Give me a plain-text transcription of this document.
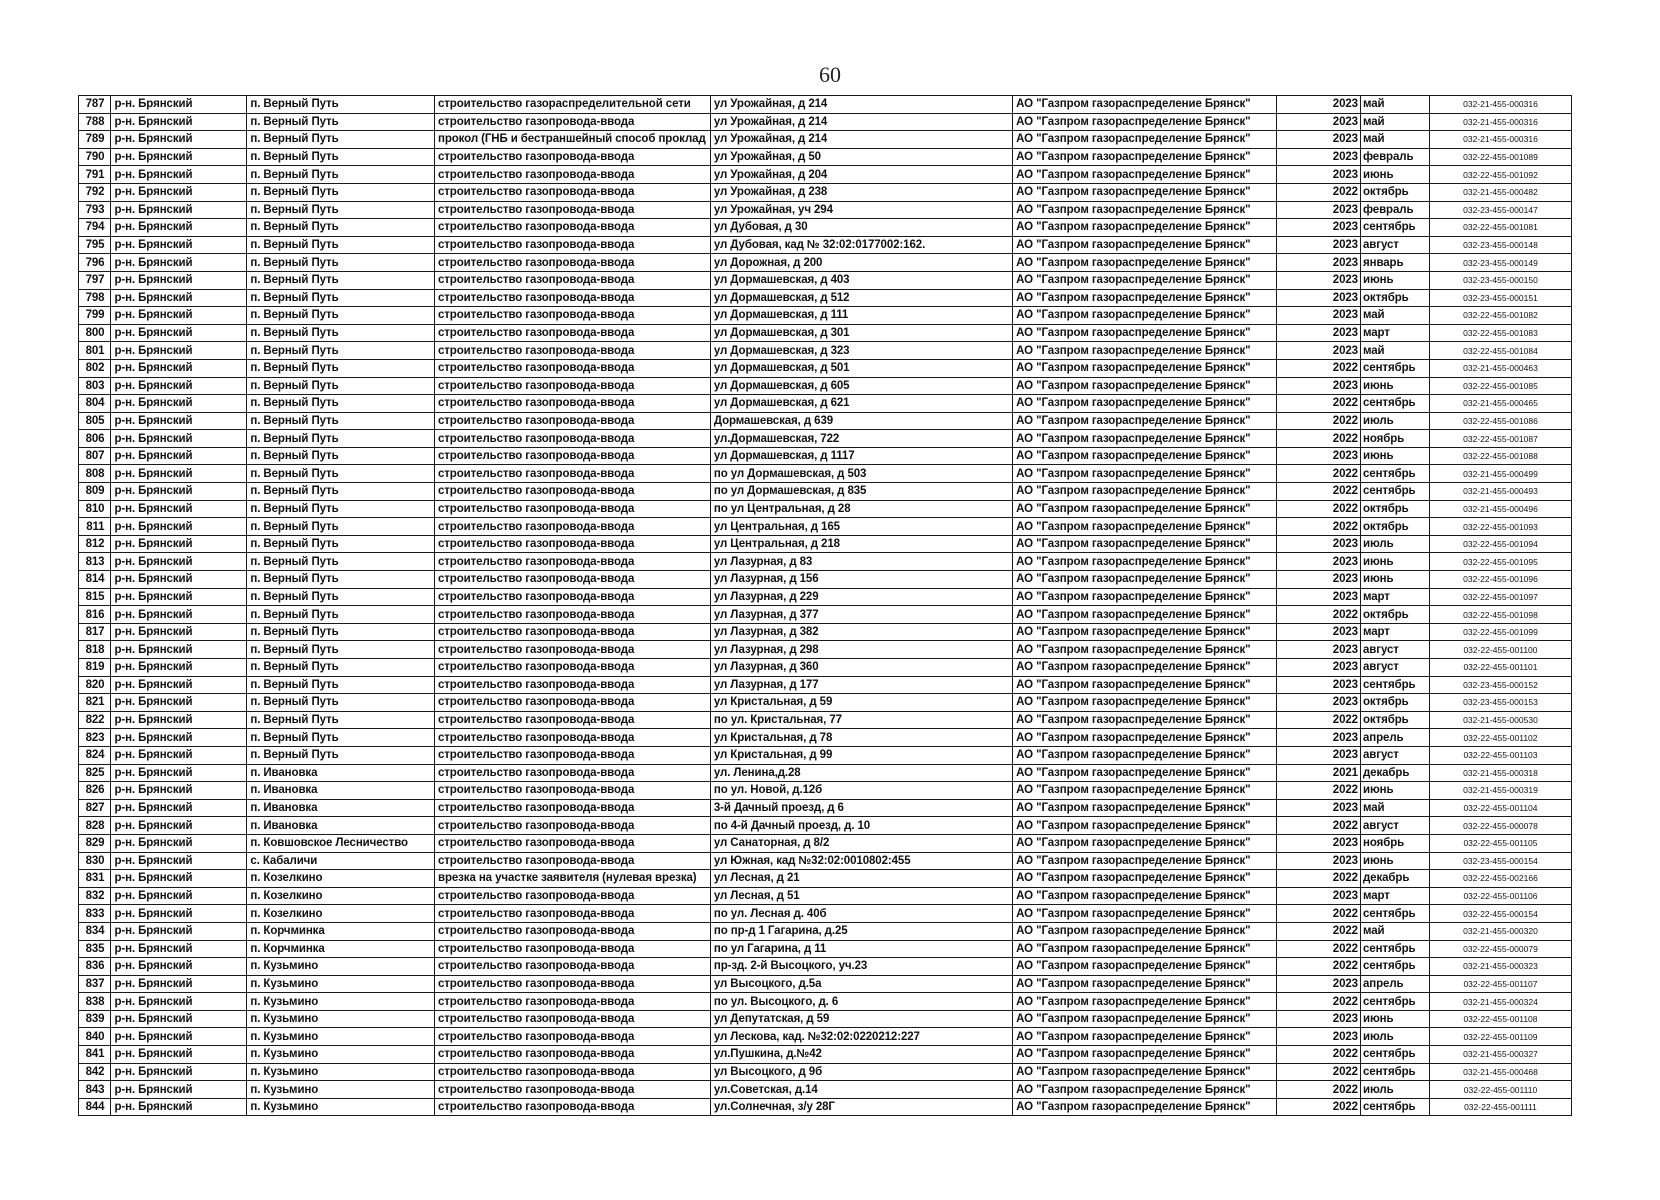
60
787	р-н. Брянский	п. Верный Путь	строительство газораспределительной сети	ул Урожайная, д 214	АО "Газпром газораспределение Брянск"	2023	май	032-21-455-000316
788	р-н. Брянский	п. Верный Путь	строительство газопровода-ввода	ул Урожайная, д 214	АО "Газпром газораспределение Брянск"	2023	май	032-21-455-000316
789	р-н. Брянский	п. Верный Путь	прокол (ГНБ и бестраншейный способ проклад	ул Урожайная, д 214	АО "Газпром газораспределение Брянск"	2023	май	032-21-455-000316
790	р-н. Брянский	п. Верный Путь	строительство газопровода-ввода	ул Урожайная, д 50	АО "Газпром газораспределение Брянск"	2023	февраль	032-22-455-001089
791	р-н. Брянский	п. Верный Путь	строительство газопровода-ввода	ул Урожайная, д 204	АО "Газпром газораспределение Брянск"	2023	июнь	032-22-455-001092
792	р-н. Брянский	п. Верный Путь	строительство газопровода-ввода	ул Урожайная, д 238	АО "Газпром газораспределение Брянск"	2022	октябрь	032-21-455-000482
793	р-н. Брянский	п. Верный Путь	строительство газопровода-ввода	ул Урожайная, уч 294	АО "Газпром газораспределение Брянск"	2023	февраль	032-23-455-000147
794	р-н. Брянский	п. Верный Путь	строительство газопровода-ввода	ул Дубовая, д 30	АО "Газпром газораспределение Брянск"	2023	сентябрь	032-22-455-001081
795	р-н. Брянский	п. Верный Путь	строительство газопровода-ввода	ул Дубовая, кад № 32:02:0177002:162.	АО "Газпром газораспределение Брянск"	2023	август	032-23-455-000148
796	р-н. Брянский	п. Верный Путь	строительство газопровода-ввода	ул Дорожная, д 200	АО "Газпром газораспределение Брянск"	2023	январь	032-23-455-000149
797	р-н. Брянский	п. Верный Путь	строительство газопровода-ввода	ул Дормашевская, д 403	АО "Газпром газораспределение Брянск"	2023	июнь	032-23-455-000150
798	р-н. Брянский	п. Верный Путь	строительство газопровода-ввода	ул Дормашевская, д 512	АО "Газпром газораспределение Брянск"	2023	октябрь	032-23-455-000151
799	р-н. Брянский	п. Верный Путь	строительство газопровода-ввода	ул Дормашевская, д 111	АО "Газпром газораспределение Брянск"	2023	май	032-22-455-001082
800	р-н. Брянский	п. Верный Путь	строительство газопровода-ввода	ул Дормашевская, д 301	АО "Газпром газораспределение Брянск"	2023	март	032-22-455-001083
801	р-н. Брянский	п. Верный Путь	строительство газопровода-ввода	ул Дормашевская, д 323	АО "Газпром газораспределение Брянск"	2023	май	032-22-455-001084
802	р-н. Брянский	п. Верный Путь	строительство газопровода-ввода	ул Дормашевская, д 501	АО "Газпром газораспределение Брянск"	2022	сентябрь	032-21-455-000463
803	р-н. Брянский	п. Верный Путь	строительство газопровода-ввода	ул Дормашевская, д 605	АО "Газпром газораспределение Брянск"	2023	июнь	032-22-455-001085
804	р-н. Брянский	п. Верный Путь	строительство газопровода-ввода	ул Дормашевская, д 621	АО "Газпром газораспределение Брянск"	2022	сентябрь	032-21-455-000465
805	р-н. Брянский	п. Верный Путь	строительство газопровода-ввода	Дормашевская, д 639	АО "Газпром газораспределение Брянск"	2022	июль	032-22-455-001086
806	р-н. Брянский	п. Верный Путь	строительство газопровода-ввода	ул.Дормашевская, 722	АО "Газпром газораспределение Брянск"	2022	ноябрь	032-22-455-001087
807	р-н. Брянский	п. Верный Путь	строительство газопровода-ввода	ул Дормашевская, д 1117	АО "Газпром газораспределение Брянск"	2023	июнь	032-22-455-001088
808	р-н. Брянский	п. Верный Путь	строительство газопровода-ввода	по ул Дормашевская, д 503	АО "Газпром газораспределение Брянск"	2022	сентябрь	032-21-455-000499
809	р-н. Брянский	п. Верный Путь	строительство газопровода-ввода	по ул Дормашевская, д 835	АО "Газпром газораспределение Брянск"	2022	сентябрь	032-21-455-000493
810	р-н. Брянский	п. Верный Путь	строительство газопровода-ввода	по ул Центральная, д 28	АО "Газпром газораспределение Брянск"	2022	октябрь	032-21-455-000496
811	р-н. Брянский	п. Верный Путь	строительство газопровода-ввода	ул Центральная, д 165	АО "Газпром газораспределение Брянск"	2022	октябрь	032-22-455-001093
812	р-н. Брянский	п. Верный Путь	строительство газопровода-ввода	ул Центральная, д 218	АО "Газпром газораспределение Брянск"	2023	июль	032-22-455-001094
813	р-н. Брянский	п. Верный Путь	строительство газопровода-ввода	ул Лазурная, д 83	АО "Газпром газораспределение Брянск"	2023	июнь	032-22-455-001095
814	р-н. Брянский	п. Верный Путь	строительство газопровода-ввода	ул Лазурная, д 156	АО "Газпром газораспределение Брянск"	2023	июнь	032-22-455-001096
815	р-н. Брянский	п. Верный Путь	строительство газопровода-ввода	ул Лазурная, д 229	АО "Газпром газораспределение Брянск"	2023	март	032-22-455-001097
816	р-н. Брянский	п. Верный Путь	строительство газопровода-ввода	ул Лазурная, д 377	АО "Газпром газораспределение Брянск"	2022	октябрь	032-22-455-001098
817	р-н. Брянский	п. Верный Путь	строительство газопровода-ввода	ул Лазурная, д 382	АО "Газпром газораспределение Брянск"	2023	март	032-22-455-001099
818	р-н. Брянский	п. Верный Путь	строительство газопровода-ввода	ул Лазурная, д 298	АО "Газпром газораспределение Брянск"	2023	август	032-22-455-001100
819	р-н. Брянский	п. Верный Путь	строительство газопровода-ввода	ул Лазурная, д 360	АО "Газпром газораспределение Брянск"	2023	август	032-22-455-001101
820	р-н. Брянский	п. Верный Путь	строительство газопровода-ввода	ул Лазурная, д 177	АО "Газпром газораспределение Брянск"	2023	сентябрь	032-23-455-000152
821	р-н. Брянский	п. Верный Путь	строительство газопровода-ввода	ул Кристальная, д 59	АО "Газпром газораспределение Брянск"	2023	октябрь	032-23-455-000153
822	р-н. Брянский	п. Верный Путь	строительство газопровода-ввода	по ул. Кристальная, 77	АО "Газпром газораспределение Брянск"	2022	октябрь	032-21-455-000530
823	р-н. Брянский	п. Верный Путь	строительство газопровода-ввода	ул Кристальная, д 78	АО "Газпром газораспределение Брянск"	2023	апрель	032-22-455-001102
824	р-н. Брянский	п. Верный Путь	строительство газопровода-ввода	ул Кристальная, д 99	АО "Газпром газораспределение Брянск"	2023	август	032-22-455-001103
825	р-н. Брянский	п. Ивановка	строительство газопровода-ввода	ул. Ленина,д.28	АО "Газпром газораспределение Брянск"	2021	декабрь	032-21-455-000318
826	р-н. Брянский	п. Ивановка	строительство газопровода-ввода	по ул. Новой, д.12б	АО "Газпром газораспределение Брянск"	2022	июнь	032-21-455-000319
827	р-н. Брянский	п. Ивановка	строительство газопровода-ввода	3-й Дачный проезд, д 6	АО "Газпром газораспределение Брянск"	2023	май	032-22-455-001104
828	р-н. Брянский	п. Ивановка	строительство газопровода-ввода	по 4-й Дачный проезд, д. 10	АО "Газпром газораспределение Брянск"	2022	август	032-22-455-000078
829	р-н. Брянский	п. Ковшовское Лесничество	строительство газопровода-ввода	ул Санаторная, д 8/2	АО "Газпром газораспределение Брянск"	2023	ноябрь	032-22-455-001105
830	р-н. Брянский	с. Кабаличи	строительство газопровода-ввода	ул Южная, кад №32:02:0010802:455	АО "Газпром газораспределение Брянск"	2023	июнь	032-23-455-000154
831	р-н. Брянский	п. Козелкино	врезка на участке заявителя (нулевая врезка)	ул Лесная, д 21	АО "Газпром газораспределение Брянск"	2022	декабрь	032-22-455-002166
832	р-н. Брянский	п. Козелкино	строительство газопровода-ввода	ул Лесная, д 51	АО "Газпром газораспределение Брянск"	2023	март	032-22-455-001106
833	р-н. Брянский	п. Козелкино	строительство газопровода-ввода	по ул. Лесная д. 40б	АО "Газпром газораспределение Брянск"	2022	сентябрь	032-22-455-000154
834	р-н. Брянский	п. Корчминка	строительство газопровода-ввода	по пр-д 1 Гагарина, д.25	АО "Газпром газораспределение Брянск"	2022	май	032-21-455-000320
835	р-н. Брянский	п. Корчминка	строительство газопровода-ввода	по ул Гагарина, д 11	АО "Газпром газораспределение Брянск"	2022	сентябрь	032-22-455-000079
836	р-н. Брянский	п. Кузьмино	строительство газопровода-ввода	пр-зд. 2-й Высоцкого, уч.23	АО "Газпром газораспределение Брянск"	2022	сентябрь	032-21-455-000323
837	р-н. Брянский	п. Кузьмино	строительство газопровода-ввода	ул Высоцкого, д.5а	АО "Газпром газораспределение Брянск"	2023	апрель	032-22-455-001107
838	р-н. Брянский	п. Кузьмино	строительство газопровода-ввода	по ул. Высоцкого, д. 6	АО "Газпром газораспределение Брянск"	2022	сентябрь	032-21-455-000324
839	р-н. Брянский	п. Кузьмино	строительство газопровода-ввода	ул Депутатская, д 59	АО "Газпром газораспределение Брянск"	2023	июнь	032-22-455-001108
840	р-н. Брянский	п. Кузьмино	строительство газопровода-ввода	ул Лескова, кад. №32:02:0220212:227	АО "Газпром газораспределение Брянск"	2023	июль	032-22-455-001109
841	р-н. Брянский	п. Кузьмино	строительство газопровода-ввода	ул.Пушкина, д.№42	АО "Газпром газораспределение Брянск"	2022	сентябрь	032-21-455-000327
842	р-н. Брянский	п. Кузьмино	строительство газопровода-ввода	ул Высоцкого, д 9б	АО "Газпром газораспределение Брянск"	2022	сентябрь	032-21-455-000468
843	р-н. Брянский	п. Кузьмино	строительство газопровода-ввода	ул.Советская, д.14	АО "Газпром газораспределение Брянск"	2022	июль	032-22-455-001110
844	р-н. Брянский	п. Кузьмино	строительство газопровода-ввода	ул.Солнечная, з/у 28Г	АО "Газпром газораспределение Брянск"	2022	сентябрь	032-22-455-001111
